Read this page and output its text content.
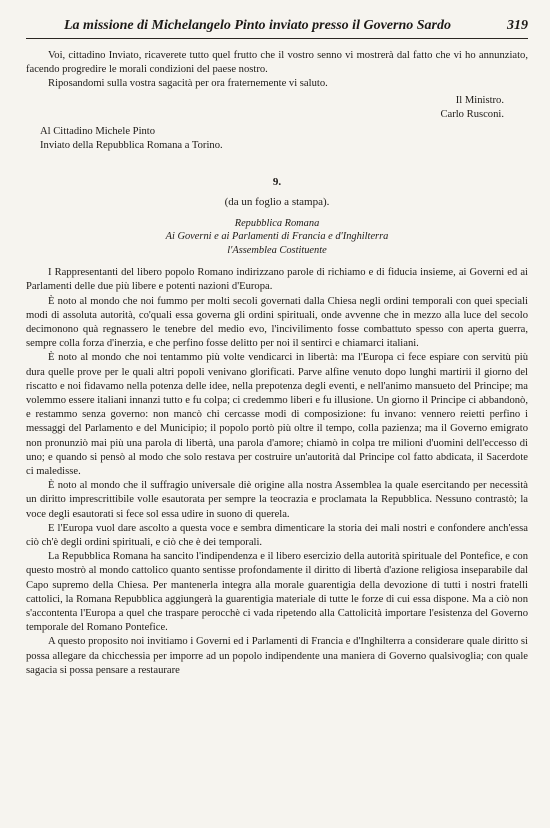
La missione di Michelangelo Pinto inviato presso il Governo Sardo	319

Voi, cittadino Inviato, ricaverete tutto quel frutto che il vostro senno vi mostrerà dal fatto che vi ho annunziato, facendo progredire le morali condizioni del paese nostro.

Riposandomi sulla vostra sagacità per ora fraternemente vi saluto.

Il Ministro.
Carlo Rusconi.
Al Cittadino Michele Pinto
Inviato della Repubblica Romana a Torino.
9.
(da un foglio a stampa).
Repubblica Romana
Ai Governi e ai Parlamenti di Francia e d'Inghilterra
l'Assemblea Costituente

I Rappresentanti del libero popolo Romano indirizzano parole di richiamo e di fiducia insieme, ai Governi ed ai Parlamenti delle due più libere e potenti nazioni d'Europa.

È noto al mondo che noi fummo per molti secoli governati dalla Chiesa negli ordini temporali con quei speciali modi di assoluta autorità, co'quali essa governa gli ordini spirituali, onde avvenne che in mezzo alla luce del secolo decimonono quà regnassero le tenebre del medio evo, l'incivilimento fosse combattuto spesso con aperta guerra, sempre colla forza d'inerzia, e che perfino fosse delitto per noi il sentirci e chiamarci italiani.

È noto al mondo che noi tentammo più volte vendicarci in libertà: ma l'Europa ci fece espiare con servitù più dura quelle prove per le quali altri popoli venivano glorificati. Parve alfine venuto dopo lunghi martirii il giorno del riscatto e noi fidavamo nella potenza delle idee, nella prepotenza degli eventi, e nell'animo mansueto del Principe; ma volemmo essere italiani innanzi tutto e fu colpa; ci credemmo liberi e fu illusione. Un giorno il Principe ci abbandonò, e restammo senza governo: non mancò chi cercasse modi di composizione: fu invano: vennero reietti perfino i messaggi del Parlamento e del Municipio; il popolo portò più oltre il tempo, colla pazienza; ma il Governo emigrato non pronunziò mai più una parola di libertà, una parola d'amore; chiamò in colpa tre milioni d'uomini dell'eccesso di uno; e quando si pensò al modo che solo restava per costruire un'autorità dal Principe col fatto abdicata, il Sacerdote ci maledisse.

È noto al mondo che il suffragio universale diè origine alla nostra Assemblea la quale esercitando per necessità un diritto imprescrittibile volle esautorata per sempre la teocrazia e proclamata la Repubblica. Nessuno contrastò; la voce degli esautorati si fece sol essa udire in suono di querela.

E l'Europa vuol dare ascolto a questa voce e sembra dimenticare la storia dei mali nostri e confondere anch'essa ciò ch'è degli ordini spirituali, e ciò che è dei temporali.

La Repubblica Romana ha sancito l'indipendenza e il libero esercizio della autorità spirituale del Pontefice, e con questo mostrò al mondo cattolico quanto sentisse profondamente il diritto di libertà d'azione religiosa inseparabile dal Capo supremo della Chiesa. Per mantenerla integra alla morale guarentigia della devozione di tutti i nostri fratelli cattolici, la Romana Repubblica aggiungerà la guarentigia materiale di tutte le forze di cui essa dispone. Ma a ciò non s'accontenta l'Europa a quel che traspare perocchè ci vada ripetendo alla Cattolicità importare l'esistenza del Governo temporale del Romano Pontefice.

A questo proposito noi invitiamo i Governi ed i Parlamenti di Francia e d'Inghilterra a considerare quale diritto si possa allegare da chicchessia per imporre ad un popolo indipendente una maniera di Governo qualsivoglia; con quale sagacia si possa pensare a restaurare
